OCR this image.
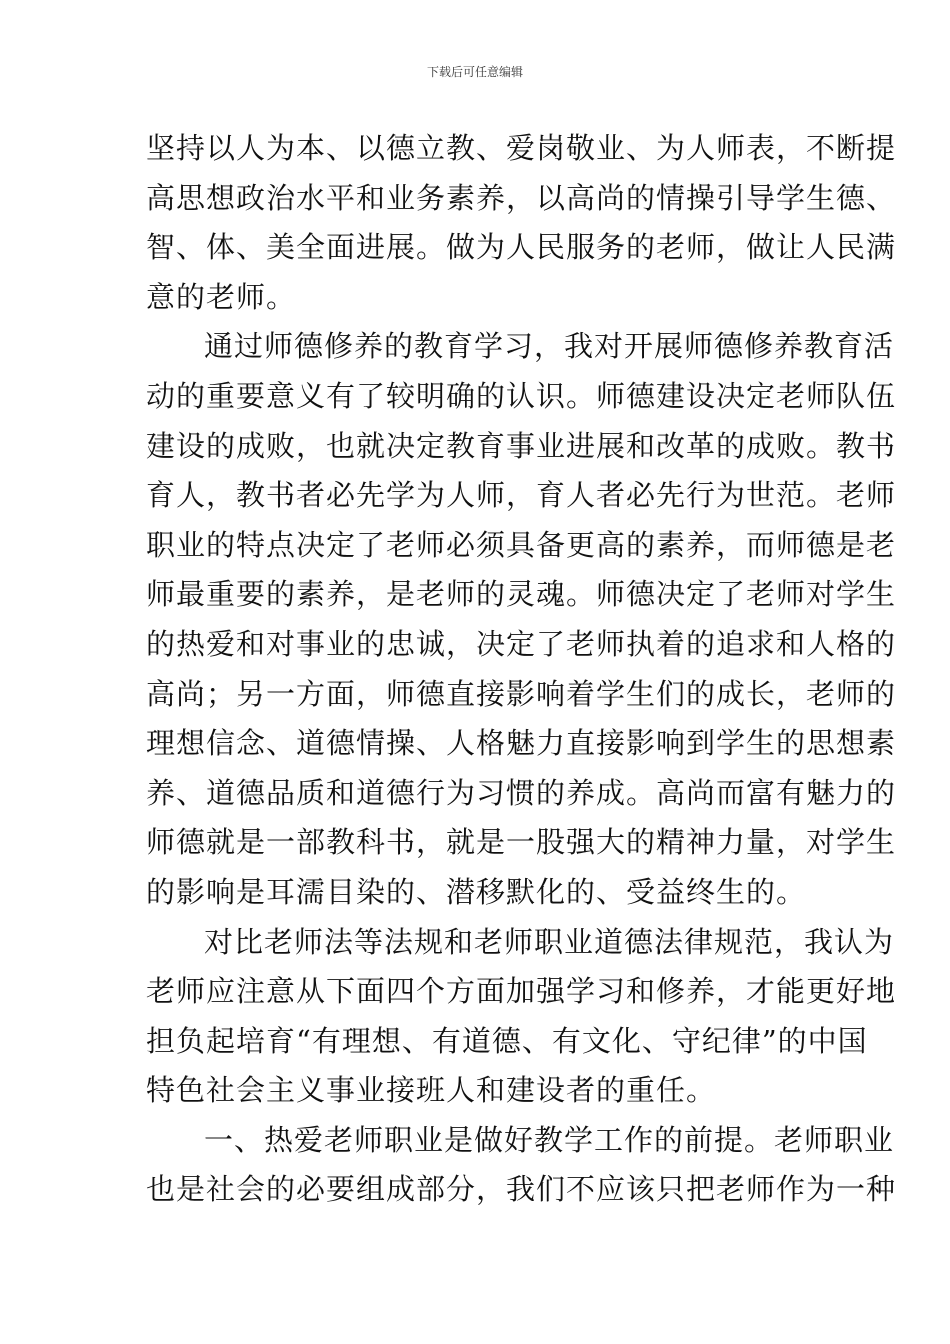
下载后可任意编辑

坚持以人为本、以德立教、爱岗敬业、为人师表，不断提
高思想政治水平和业务素养，以高尚的情操引导学生德、
智、体、美全面进展。做为人民服务的老师，做让人民满
意的老师。

通过师德修养的教育学习，我对开展师德修养教育活
动的重要意义有了较明确的认识。师德建设决定老师队伍
建设的成败，也就决定教育事业进展和改革的成败。教书
育人，教书者必先学为人师，育人者必先行为世范。老师
职业的特点决定了老师必须具备更高的素养，而师德是老
师最重要的素养，是老师的灵魂。师德决定了老师对学生
的热爱和对事业的忠诚，决定了老师执着的追求和人格的
高尚；另一方面，师德直接影响着学生们的成长，老师的
理想信念、道德情操、人格魅力直接影响到学生的思想素
养、道德品质和道德行为习惯的养成。高尚而富有魅力的
师德就是一部教科书，就是一股强大的精神力量，对学生
的影响是耳濡目染的、潜移默化的、受益终生的。

对比老师法等法规和老师职业道德法律规范，我认为
老师应注意从下面四个方面加强学习和修养，才能更好地
担负起培育“有理想、有道德、有文化、守纪律”的中国
特色社会主义事业接班人和建设者的重任。

一、热爱老师职业是做好教学工作的前提。老师职业
也是社会的必要组成部分，我们不应该只把老师作为一种
